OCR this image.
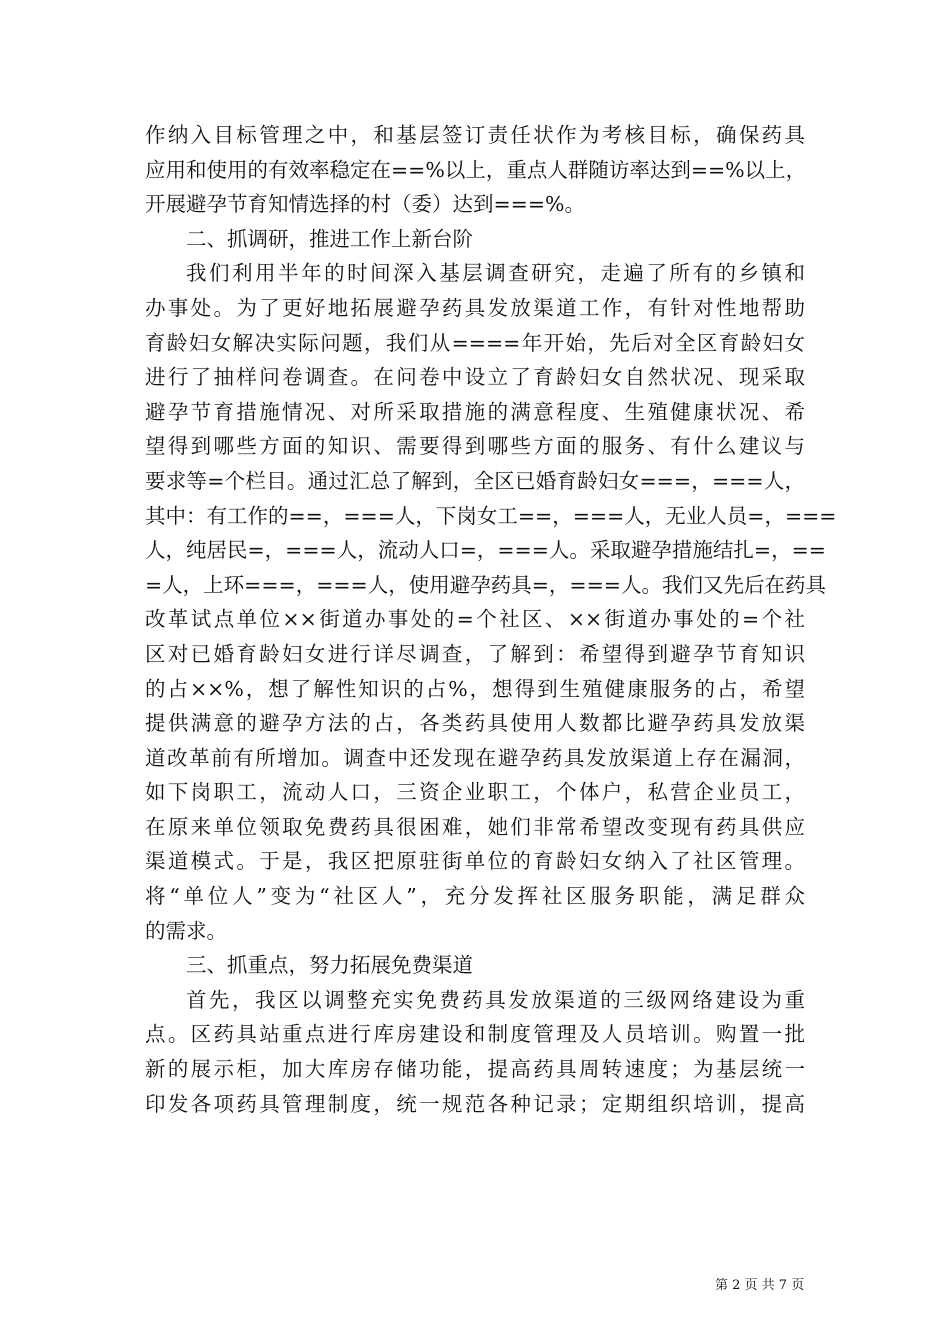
作纳入目标管理之中，和基层签订责任状作为考核目标，确保药具
应用和使用的有效率稳定在==%以上，重点人群随访率达到==%以上，
开展避孕节育知情选择的村（委）达到===%。
二、抓调研，推进工作上新台阶
我们利用半年的时间深入基层调查研究，走遍了所有的乡镇和
办事处。为了更好地拓展避孕药具发放渠道工作，有针对性地帮助
育龄妇女解决实际问题，我们从====年开始，先后对全区育龄妇女
进行了抽样问卷调查。在问卷中设立了育龄妇女自然状况、现采取
避孕节育措施情况、对所采取措施的满意程度、生殖健康状况、希
望得到哪些方面的知识、需要得到哪些方面的服务、有什么建议与
要求等=个栏目。通过汇总了解到，全区已婚育龄妇女===，===人，
其中：有工作的==，===人，下岗女工==，===人，无业人员=，===
人，纯居民=，===人，流动人口=，===人。采取避孕措施结扎=，==
=人，上环===，===人，使用避孕药具=，===人。我们又先后在药具
改革试点单位××街道办事处的=个社区、××街道办事处的=个社
区对已婚育龄妇女进行详尽调查，了解到：希望得到避孕节育知识
的占××%，想了解性知识的占%，想得到生殖健康服务的占，希望
提供满意的避孕方法的占，各类药具使用人数都比避孕药具发放渠
道改革前有所增加。调查中还发现在避孕药具发放渠道上存在漏洞，
如下岗职工，流动人口，三资企业职工，个体户，私营企业员工，
在原来单位领取免费药具很困难，她们非常希望改变现有药具供应
渠道模式。于是，我区把原驻街单位的育龄妇女纳入了社区管理。
将“单位人”变为“社区人”，充分发挥社区服务职能，满足群众
的需求。
三、抓重点，努力拓展免费渠道
首先，我区以调整充实免费药具发放渠道的三级网络建设为重
点。区药具站重点进行库房建设和制度管理及人员培训。购置一批
新的展示柜，加大库房存储功能，提高药具周转速度；为基层统一
印发各项药具管理制度，统一规范各种记录；定期组织培训，提高
第 2 页 共 7 页
